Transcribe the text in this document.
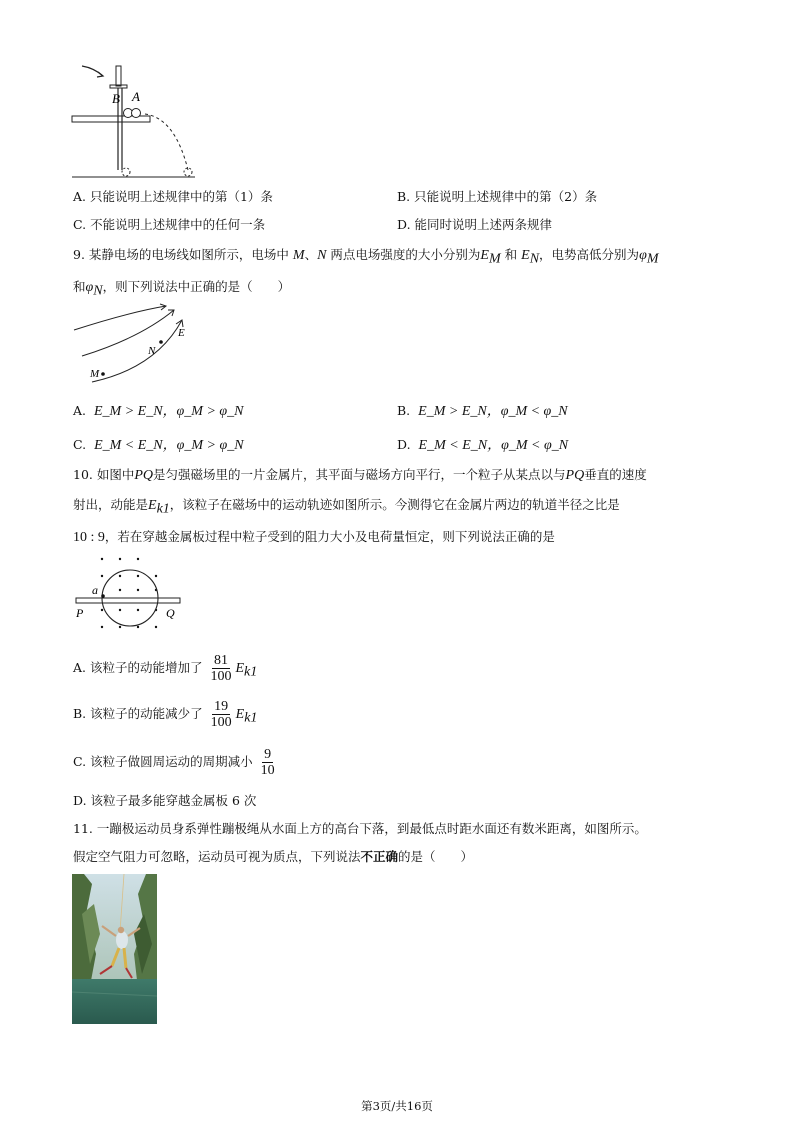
B A
A. 只能说明上述规律中的第（1）条	B. 只能说明上述规律中的第（2）条
C. 不能说明上述规律中的任何一条	D. 能同时说明上述两条规律
9. 某静电场的电场线如图所示，电场中 M、N 两点电场强度的大小分别为$E_M$ 和 $E_N$，电势高低分别为$\varphi_M$
和$\varphi_N$，则下列说法中正确的是（　　）
E
N
M
A. E_M > E_N，φ_M > φ_N	B. E_M > E_N，φ_M < φ_N
C. E_M < E_N，φ_M > φ_N	D. E_M < E_N，φ_M < φ_N
10. 如图中PQ是匀强磁场里的一片金属片，其平面与磁场方向平行，一个粒子从某点以与PQ垂直的速度
射出，动能是$E_{k1}$，该粒子在磁场中的运动轨迹如图所示。今测得它在金属片两边的轨道半径之比是
10 : 9，若在穿越金属板过程中粒子受到的阻力大小及电荷量恒定，则下列说法正确的是
a
P	Q
A. 该粒子的动能增加了 $\frac{81}{100} E_{k1}$
B. 该粒子的动能减少了 $\frac{19}{100} E_{k1}$
C. 该粒子做圆周运动的周期减小 $\frac{9}{10}$
D. 该粒子最多能穿越金属板 6 次
11. 一蹦极运动员身系弹性蹦极绳从水面上方的高台下落，到最低点时距水面还有数米距离，如图所示。
假定空气阻力可忽略，运动员可视为质点，下列说法不正确的是（　　）
第3页/共16页
